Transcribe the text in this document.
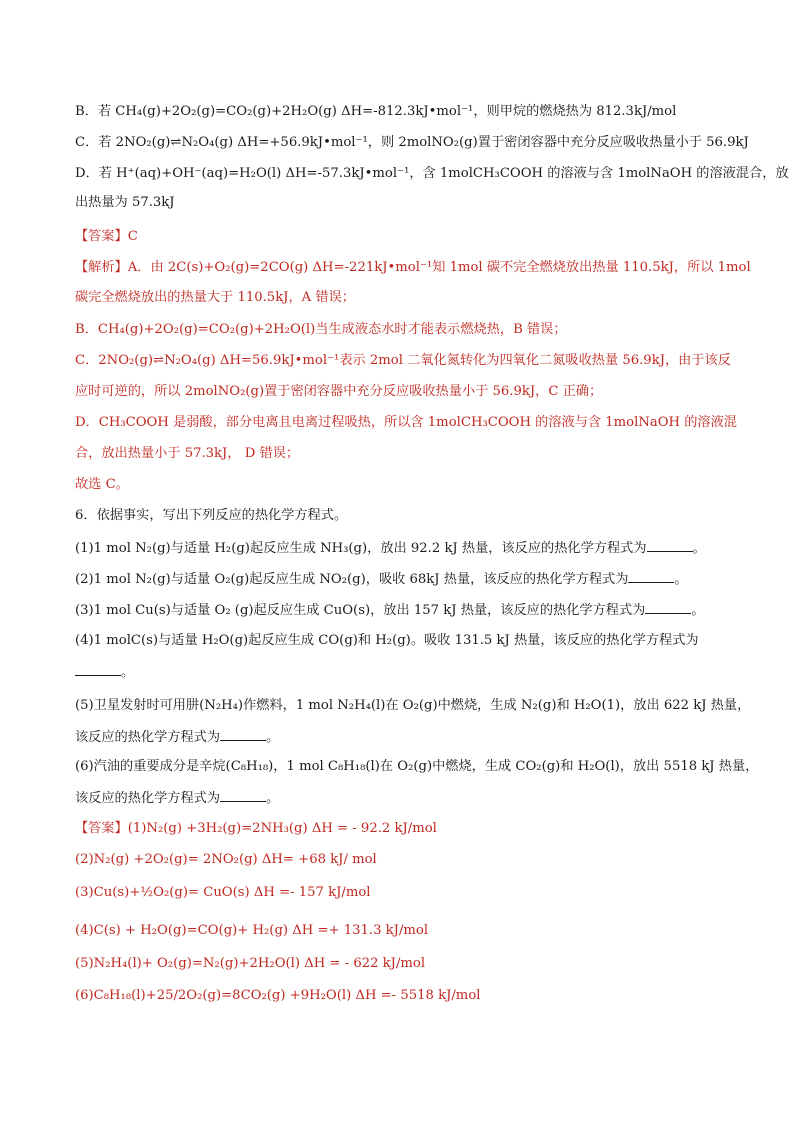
B．若 CH₄(g)+2O₂(g)=CO₂(g)+2H₂O(g) ΔH=-812.3kJ•mol⁻¹，则甲烷的燃烧热为 812.3kJ/mol
C．若 2NO₂(g)⇌N₂O₄(g) ΔH=+56.9kJ•mol⁻¹，则 2molNO₂(g)置于密闭容器中充分反应吸收热量小于 56.9kJ
D．若 H⁺(aq)+OH⁻(aq)=H₂O(l) ΔH=-57.3kJ•mol⁻¹，含 1molCH₃COOH 的溶液与含 1molNaOH 的溶液混合，放
出热量为 57.3kJ
【答案】C
【解析】A．由 2C(s)+O₂(g)=2CO(g) ΔH=-221kJ•mol⁻¹知 1mol 碳不完全燃烧放出热量 110.5kJ，所以 1mol
碳完全燃烧放出的热量大于 110.5kJ，A 错误；
B．CH₄(g)+2O₂(g)=CO₂(g)+2H₂O(l)当生成液态水时才能表示燃烧热，B 错误；
C．2NO₂(g)⇌N₂O₄(g) ΔH=56.9kJ•mol⁻¹表示 2mol 二氧化氮转化为四氧化二氮吸收热量 56.9kJ，由于该反
应时可逆的，所以 2molNO₂(g)置于密闭容器中充分反应吸收热量小于 56.9kJ，C 正确；
D．CH₃COOH 是弱酸，部分电离且电离过程吸热，所以含 1molCH₃COOH 的溶液与含 1molNaOH 的溶液混
合，放出热量小于 57.3kJ， D 错误；
故选 C。
6．依据事实，写出下列反应的热化学方程式。
(1)1 mol N₂(g)与适量 H₂(g)起反应生成 NH₃(g)，放出 92.2 kJ 热量，该反应的热化学方程式为	。
(2)1 mol N₂(g)与适量 O₂(g)起反应生成 NO₂(g)，吸收 68kJ 热量，该反应的热化学方程式为	。
(3)1 mol Cu(s)与适量 O₂ (g)起反应生成 CuO(s)，放出 157 kJ 热量，该反应的热化学方程式为	。
(4)1 molC(s)与适量 H₂O(g)起反应生成 CO(g)和 H₂(g)。吸收 131.5 kJ 热量，该反应的热化学方程式为
。
(5)卫星发射时可用肼(N₂H₄)作燃料，1 mol N₂H₄(l)在 O₂(g)中燃烧，生成 N₂(g)和 H₂O(1)，放出 622 kJ 热量，
该反应的热化学方程式为	。
(6)汽油的重要成分是辛烷(C₈H₁₈)，1 mol C₈H₁₈(l)在 O₂(g)中燃烧，生成 CO₂(g)和 H₂O(l)，放出 5518 kJ 热量，
该反应的热化学方程式为	。
【答案】(1)N₂(g) +3H₂(g)=2NH₃(g) ΔH = - 92.2 kJ/mol
(2)N₂(g) +2O₂(g)= 2NO₂(g) ΔH= +68 kJ/ mol
(3)Cu(s)+½O₂(g)= CuO(s) ΔH =- 157 kJ/mol
(4)C(s) + H₂O(g)=CO(g)+ H₂(g) ΔH =+ 131.3 kJ/mol
(5)N₂H₄(l)+ O₂(g)=N₂(g)+2H₂O(l) ΔH = - 622 kJ/mol
(6)C₈H₁₈(l)+25/2O₂(g)=8CO₂(g) +9H₂O(l) ΔH =- 5518 kJ/mol
